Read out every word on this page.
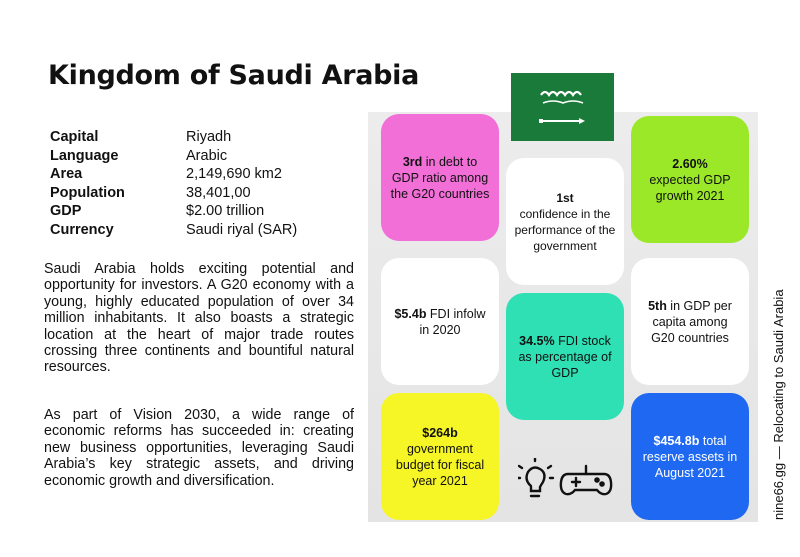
Kingdom of Saudi Arabia
Capital	Riyadh
Language	Arabic
Area	2,149,690 km2
Population	38,401,00
GDP	$2.00 trillion
Currency	Saudi riyal (SAR)

Saudi Arabia holds exciting potential and opportunity for investors. A G20 economy with a young, highly educated population of over 34 million inhabitants. It also boasts a strategic location at the heart of major trade routes crossing three continents and bountiful natural resources.

As part of Vision 2030, a wide range of economic reforms has succeeded in: creating new business opportunities, leveraging Saudi Arabia’s key strategic assets, and driving economic growth and diversification.

3rd in debt to GDP ratio among the G20 countries	1st
confidence in the performance of the government
2.60%
expected GDP growth 2021
$5.4b FDI infolw in 2020
34.5% FDI stock as percentage of GDP
5th in GDP per capita among G20 countries
$264b
government budget for fiscal year 2021
$454.8b total reserve assets in August 2021	nine66.gg — Relocating to Saudi Arabia
